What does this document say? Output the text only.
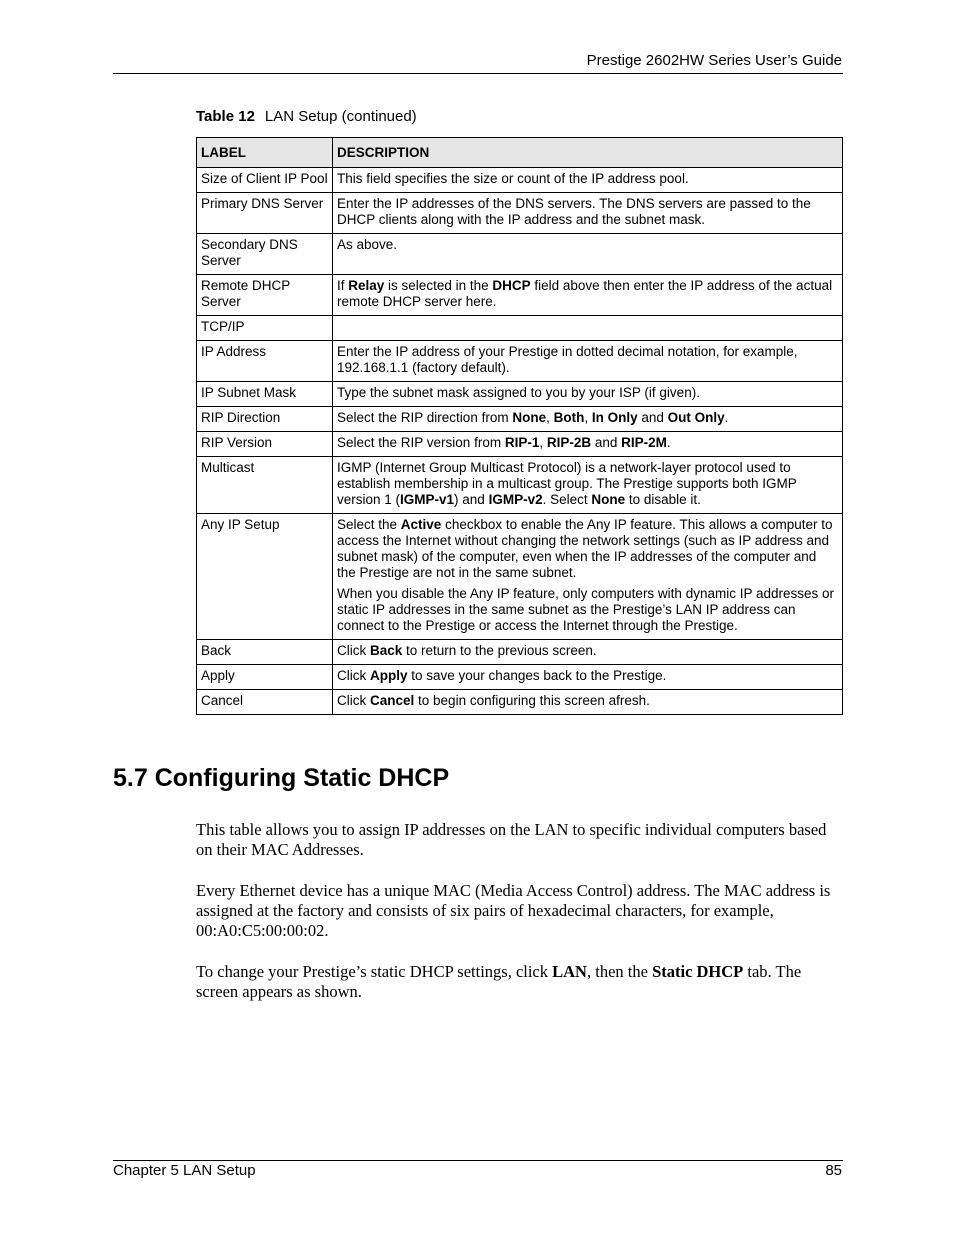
Prestige 2602HW Series User’s Guide
Table 12 LAN Setup (continued)
LABEL	DESCRIPTION
Size of Client IP Pool	This field specifies the size or count of the IP address pool.

Primary DNS Server	Enter the IP addresses of the DNS servers. The DNS servers are passed to the DHCP clients along with the IP address and the subnet mask.

Secondary DNS Server	As above.

Remote DHCP Server	If Relay is selected in the DHCP field above then enter the IP address of the actual remote DHCP server here.

TCP/IP	

IP Address	Enter the IP address of your Prestige in dotted decimal notation, for example, 192.168.1.1 (factory default).

IP Subnet Mask	Type the subnet mask assigned to you by your ISP (if given).

RIP Direction	Select the RIP direction from None, Both, In Only and Out Only.

RIP Version	Select the RIP version from RIP-1, RIP-2B and RIP-2M.

Multicast	IGMP (Internet Group Multicast Protocol) is a network-layer protocol used to establish membership in a multicast group. The Prestige supports both IGMP version 1 (IGMP-v1) and IGMP-v2. Select None to disable it.

Any IP Setup	Select the Active checkbox to enable the Any IP feature. This allows a computer to access the Internet without changing the network settings (such as IP address and subnet mask) of the computer, even when the IP addresses of the computer and the Prestige are not in the same subnet.

When you disable the Any IP feature, only computers with dynamic IP addresses or static IP addresses in the same subnet as the Prestige’s LAN IP address can connect to the Prestige or access the Internet through the Prestige.

Back	Click Back to return to the previous screen.

Apply	Click Apply to save your changes back to the Prestige.

Cancel	Click Cancel to begin configuring this screen afresh.

5.7 Configuring Static DHCP

This table allows you to assign IP addresses on the LAN to specific individual computers based on their MAC Addresses.

Every Ethernet device has a unique MAC (Media Access Control) address. The MAC address is assigned at the factory and consists of six pairs of hexadecimal characters, for example, 00:A0:C5:00:00:02.

To change your Prestige’s static DHCP settings, click LAN, then the Static DHCP tab. The screen appears as shown.

Chapter 5 LAN Setup	85
